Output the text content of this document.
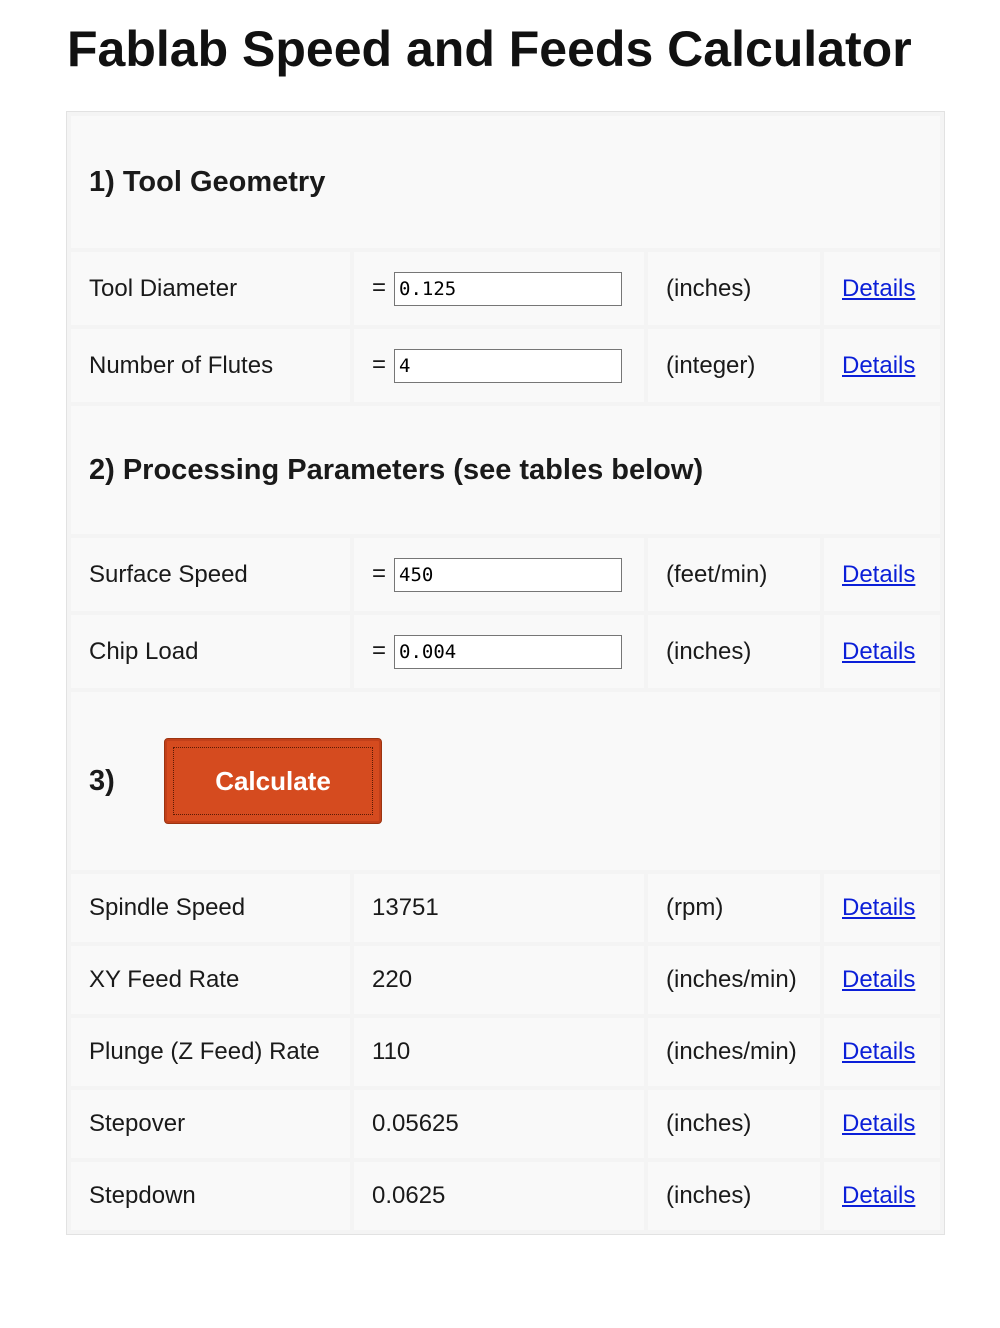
Fablab Speed and Feeds Calculator
1) Tool Geometry			
Tool Diameter	=0.125	(inches)	Details
Number of Flutes	=4	(integer)	Details
2) Processing Parameters (see tables below)			
Surface Speed	=450	(feet/min)	Details
Chip Load	=0.004	(inches)	Details

3) Calculate			

Spindle Speed	13751	(rpm)	Details
XY Feed Rate	220	(inches/min)	Details
Plunge (Z Feed) Rate	110	(inches/min)	Details
Stepover	0.05625	(inches)	Details
Stepdown	0.0625	(inches)	Details
